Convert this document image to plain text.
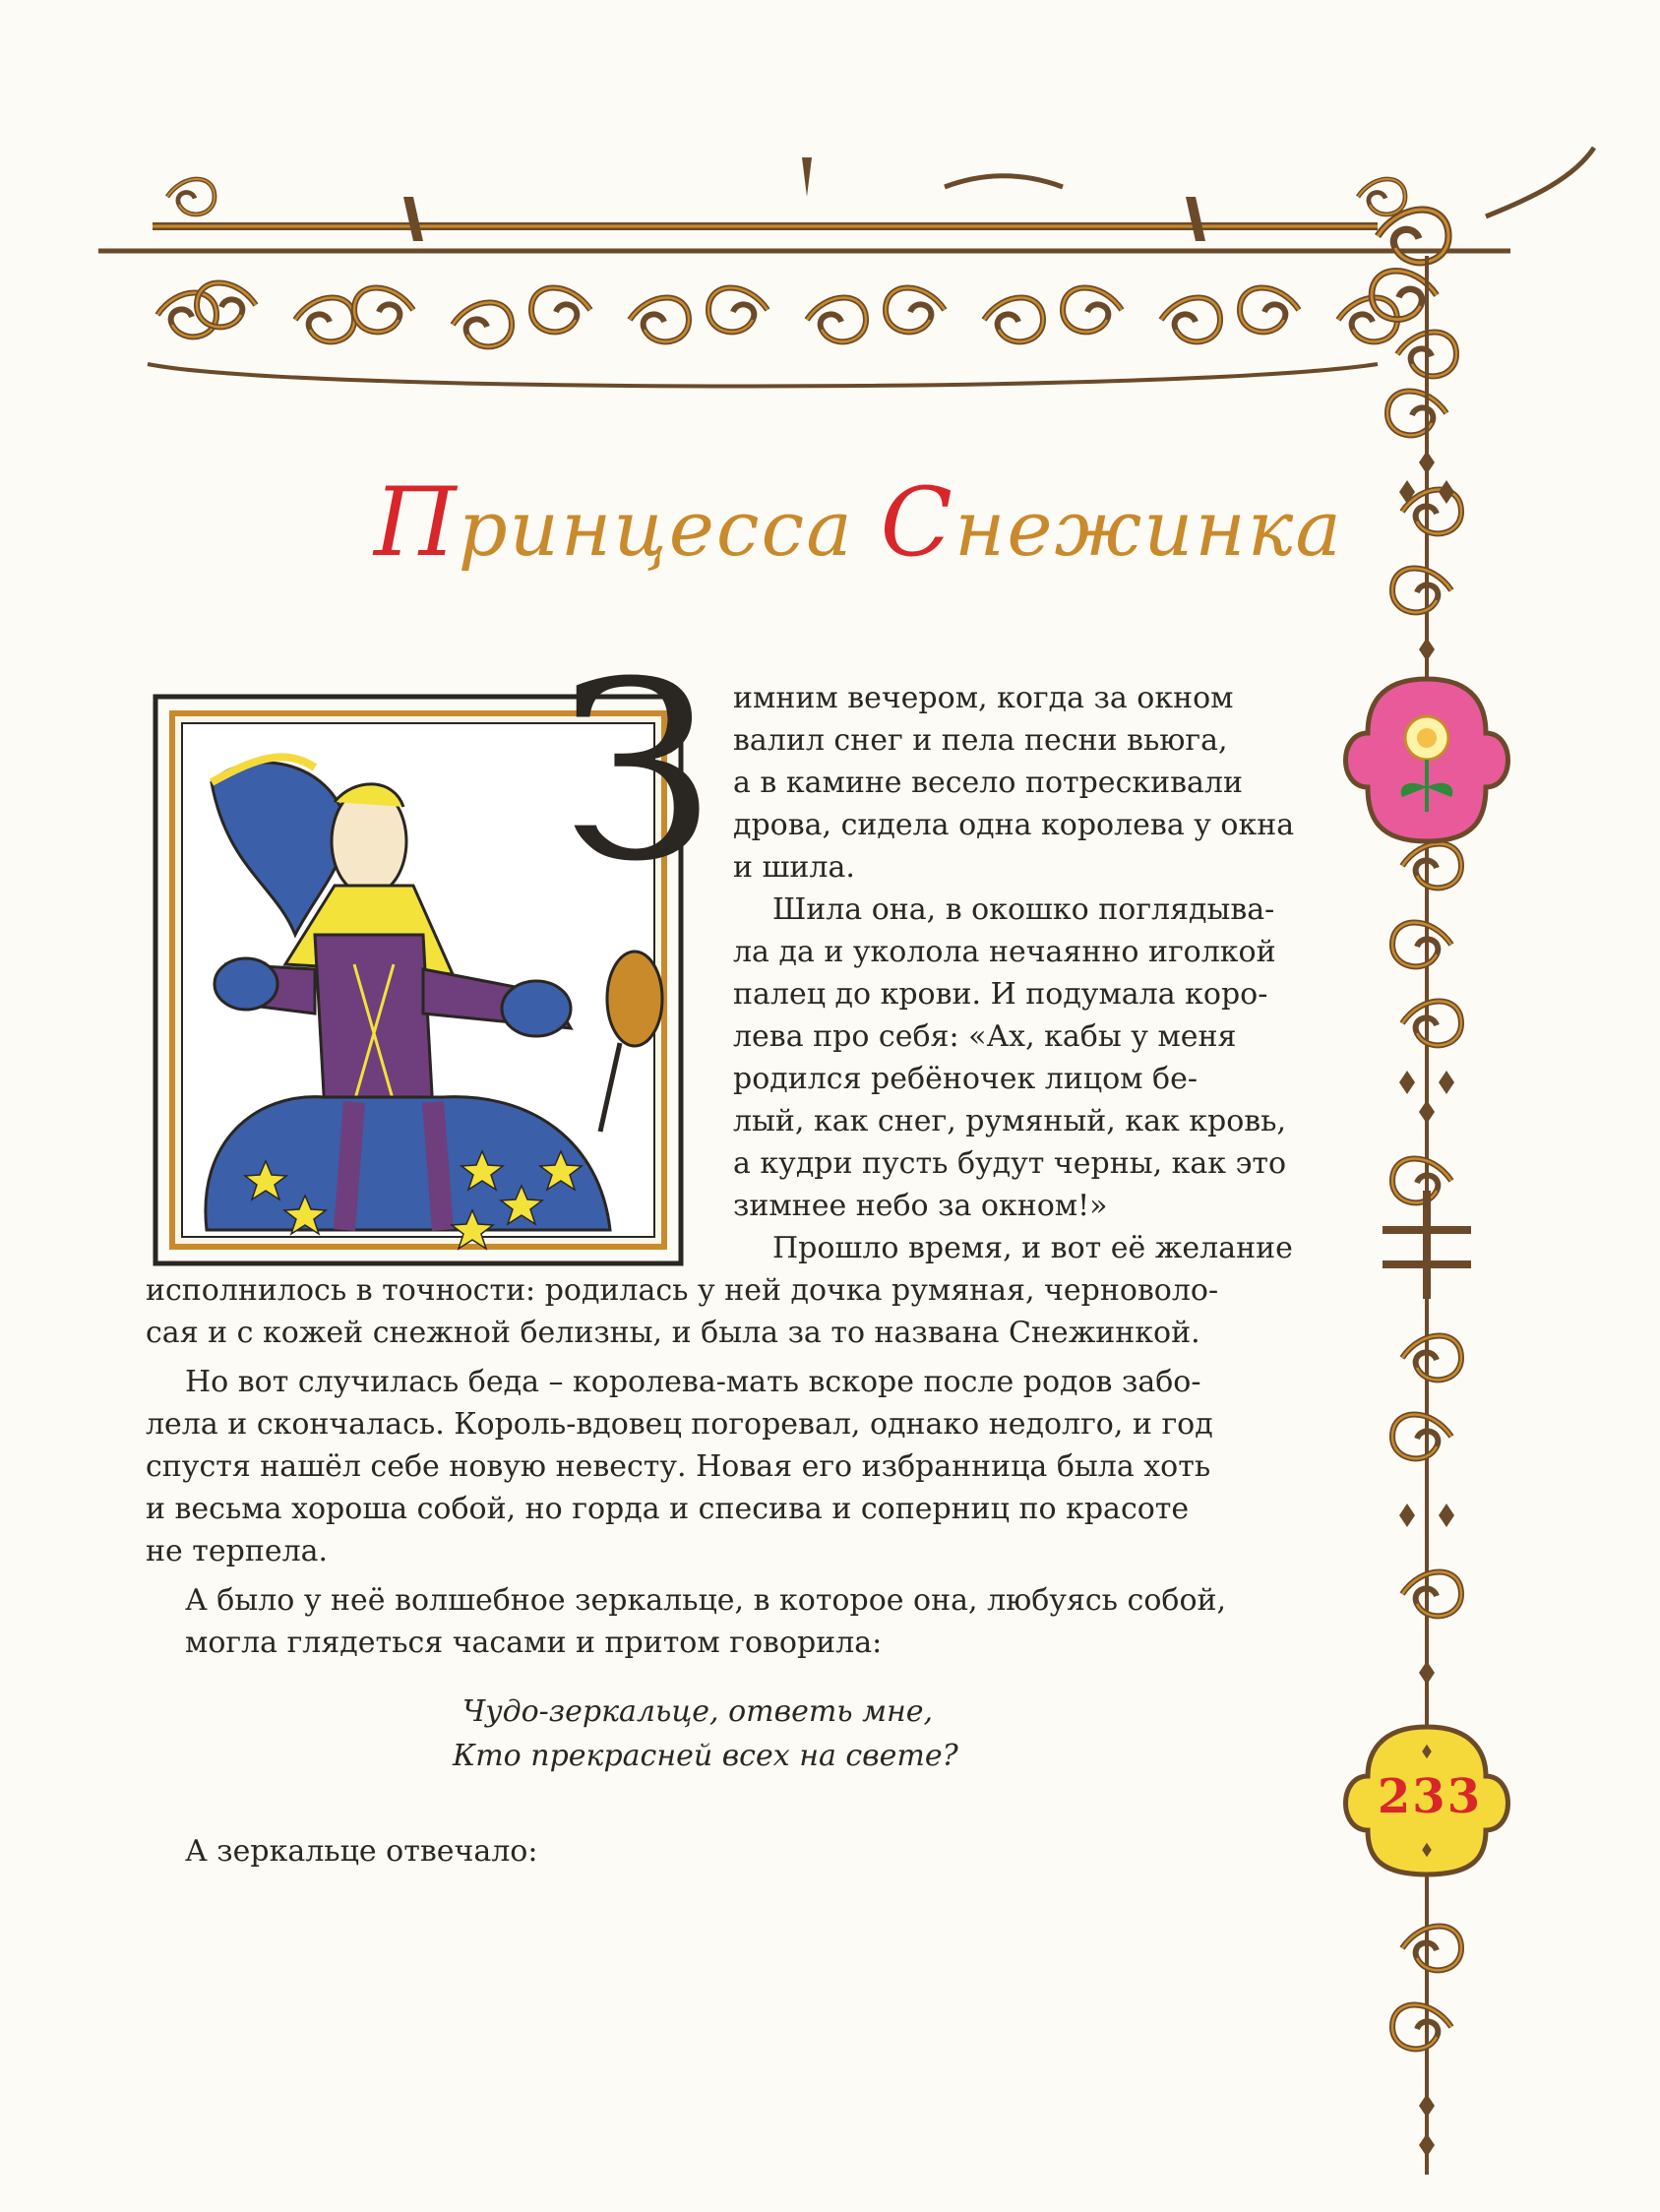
Принцесса Снежинка
З имним вечером, когда за окном
валил снег и пела песни вьюга,
а в камине весело потрескивали
дрова, сидела одна королева у окна
и шила.
Шила она, в окошко поглядыва-
ла да и уколола нечаянно иголкой
палец до крови. И подумала коро-
лева про себя: «Ах, кабы у меня
родился ребёночек лицом бе-
лый, как снег, румяный, как кровь,
а кудри пусть будут черны, как это
зимнее небо за окном!»
Прошло время, и вот её желание
исполнилось в точности: родилась у ней дочка румяная, черноволо-
сая и с кожей снежной белизны, и была за то названа Снежинкой.
Но вот случилась беда – королева-мать вскоре после родов забо-
лела и скончалась. Король-вдовец погоревал, однако недолго, и год
спустя нашёл себе новую невесту. Новая его избранница была хоть
и весьма хороша собой, но горда и спесива и соперниц по красоте
не терпела.
А было у неё волшебное зеркальце, в которое она, любуясь собой,
могла глядеться часами и притом говорила:
Чудо-зеркальце, ответь мне,
Кто прекрасней всех на свете?
А зеркальце отвечало:
233
